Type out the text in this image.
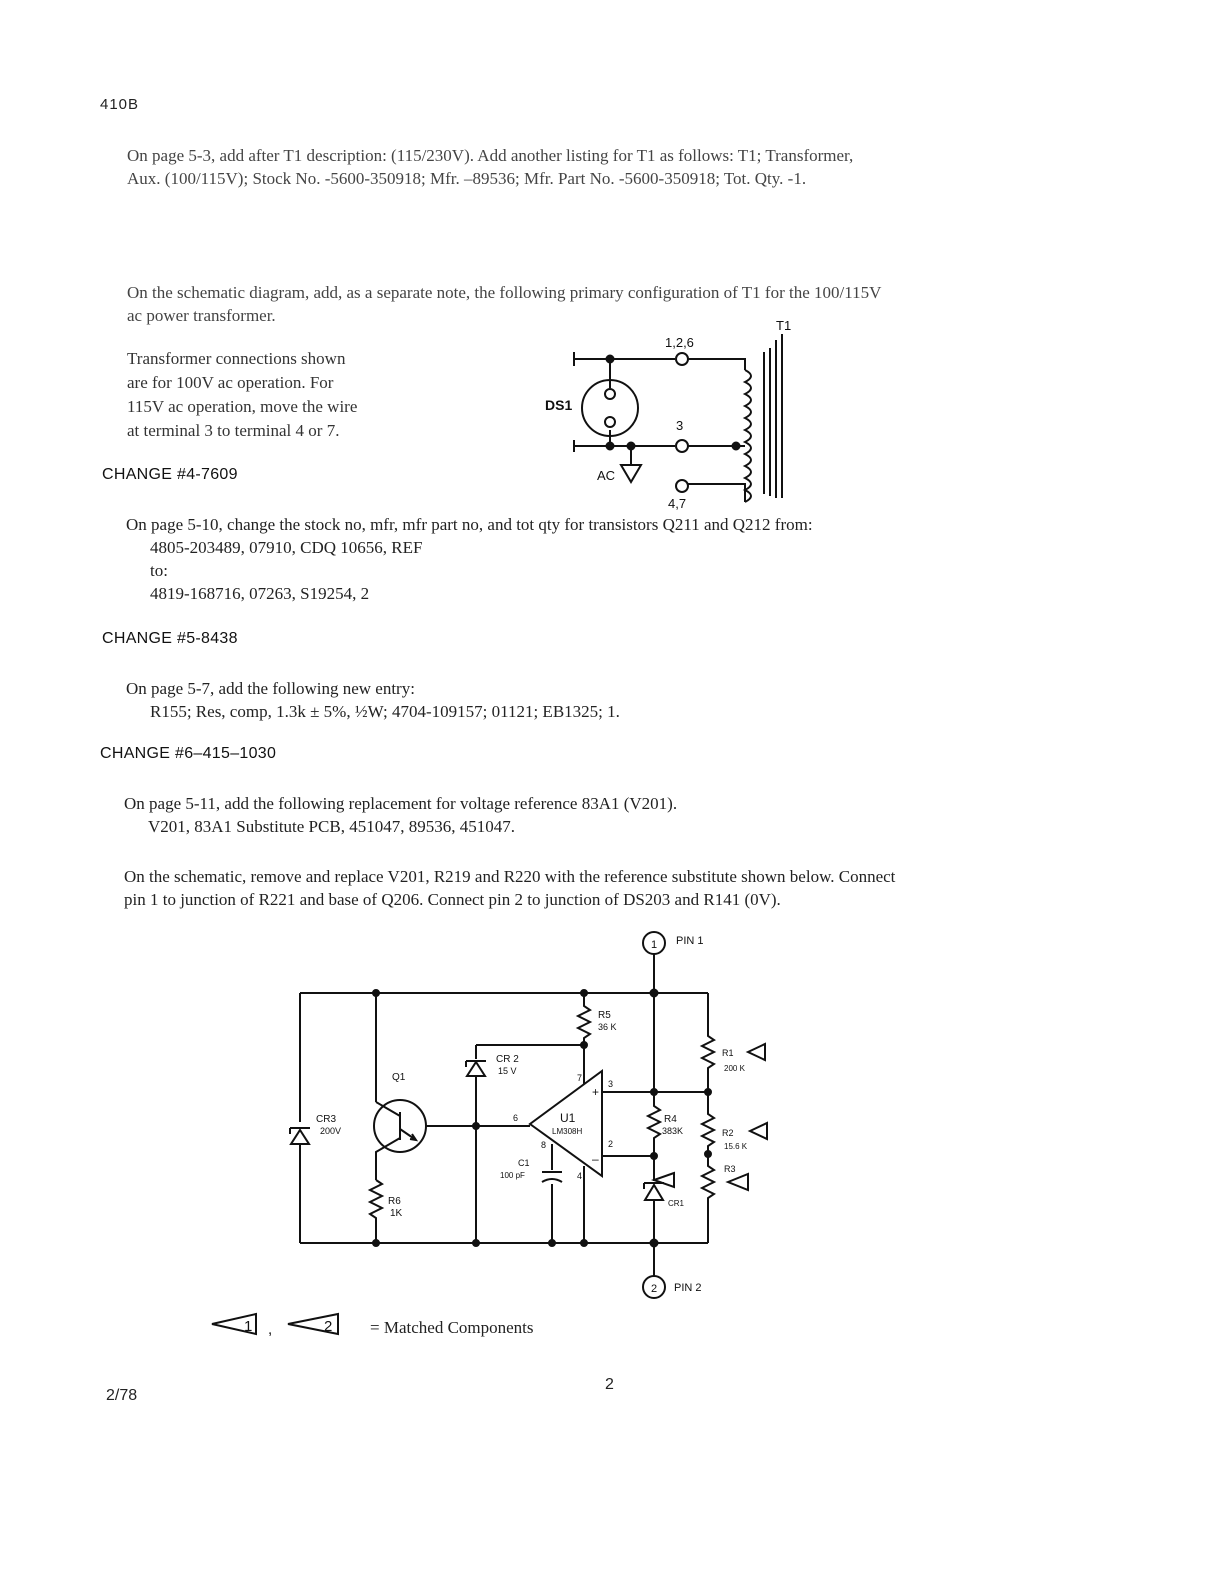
410B
On page 5-3, add after T1 description: (115/230V). Add another listing for T1 as follows: T1; Transformer,
Aux. (100/115V); Stock No. -5600-350918; Mfr. –89536; Mfr. Part No. -5600-350918; Tot. Qty. -1.
On the schematic diagram, add, as a separate note, the following primary configuration of T1 for the 100/115V
ac power transformer.
Transformer connections shown
are for 100V ac operation. For
115V ac operation, move the wire
at terminal 3 to terminal 4 or 7.
T1
1,2,6
DS1
3
AC
4,7
CHANGE #4-7609
On page 5-10, change the stock no, mfr, mfr part no, and tot qty for transistors Q211 and Q212 from:
4805-203489, 07910, CDQ 10656, REF
to:
4819-168716, 07263, S19254, 2
CHANGE #5-8438
On page 5-7, add the following new entry:
R155; Res, comp, 1.3k ± 5%, ½W; 4704-109157; 01121; EB1325; 1.
CHANGE #6–415–1030
On page 5-11, add the following replacement for voltage reference 83A1 (V201).
V201, 83A1 Substitute PCB, 451047, 89536, 451047.
On the schematic, remove and replace V201, R219 and R220 with the reference substitute shown below. Connect
pin 1 to junction of R221 and base of Q206. Connect pin 2 to junction of DS203 and R141 (0V).
1 PIN 1
2 PIN 2
CR3
200V
Q1
R6
1K
CR 2
15 V
R5
36 K
U1
LM308H
+
–
7
3
6
8	2
4
C1
100 pF
R4
383K
CR1
R1
200 K
R2
15.6 K
R3
1 ,	2 = Matched Components
2/78
2
